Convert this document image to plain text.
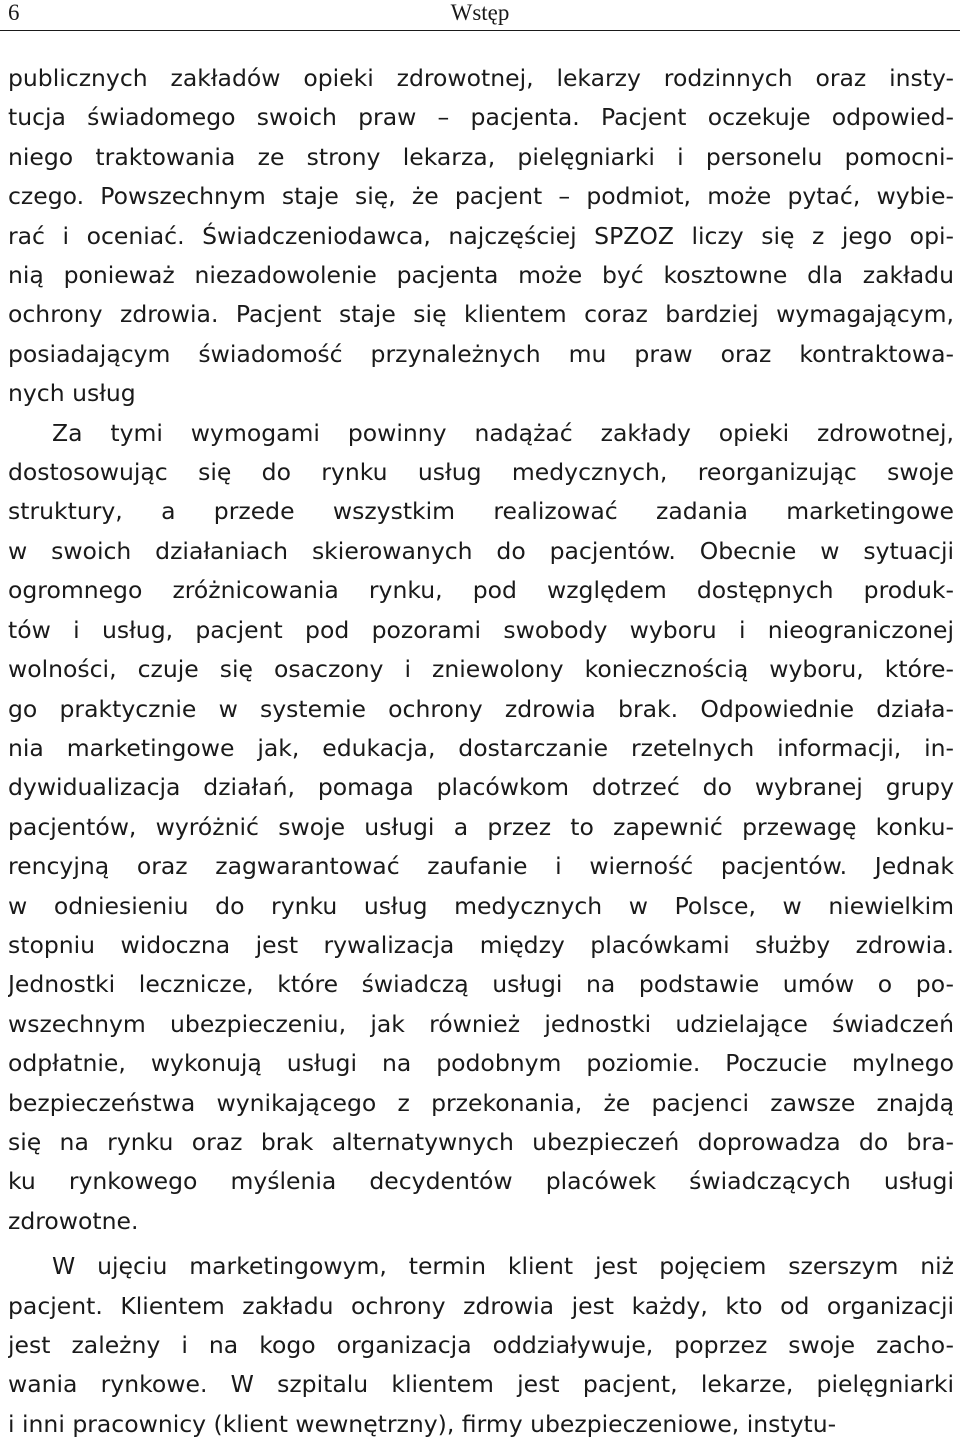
6	Wstęp
publicznych zakładów opieki zdrowotnej, lekarzy rodzinnych oraz insty-
tucja świadomego swoich praw – pacjenta. Pacjent oczekuje odpowied-
niego traktowania ze strony lekarza, pielęgniarki i personelu pomocni-
czego. Powszechnym staje się, że pacjent – podmiot, może pytać, wybie-
rać i oceniać. Świadczeniodawca, najczęściej SPZOZ liczy się z jego opi-
nią ponieważ niezadowolenie pacjenta może być kosztowne dla zakładu
ochrony zdrowia. Pacjent staje się klientem coraz bardziej wymagającym,
posiadającym świadomość przynależnych mu praw oraz kontraktowa-
nych usług
Za tymi wymogami powinny nadążać zakłady opieki zdrowotnej,
dostosowując się do rynku usług medycznych, reorganizując swoje
struktury, a przede wszystkim realizować zadania marketingowe
w swoich działaniach skierowanych do pacjentów. Obecnie w sytuacji
ogromnego zróżnicowania rynku, pod względem dostępnych produk-
tów i usług, pacjent pod pozorami swobody wyboru i nieograniczonej
wolności, czuje się osaczony i zniewolony koniecznością wyboru, które-
go praktycznie w systemie ochrony zdrowia brak. Odpowiednie działa-
nia marketingowe jak, edukacja, dostarczanie rzetelnych informacji, in-
dywidualizacja działań, pomaga placówkom dotrzeć do wybranej grupy
pacjentów, wyróżnić swoje usługi a przez to zapewnić przewagę konku-
rencyjną oraz zagwarantować zaufanie i wierność pacjentów. Jednak
w odniesieniu do rynku usług medycznych w Polsce, w niewielkim
stopniu widoczna jest rywalizacja między placówkami służby zdrowia.
Jednostki lecznicze, które świadczą usługi na podstawie umów o po-
wszechnym ubezpieczeniu, jak również jednostki udzielające świadczeń
odpłatnie, wykonują usługi na podobnym poziomie. Poczucie mylnego
bezpieczeństwa wynikającego z przekonania, że pacjenci zawsze znajdą
się na rynku oraz brak alternatywnych ubezpieczeń doprowadza do bra-
ku rynkowego myślenia decydentów placówek świadczących usługi
zdrowotne.
W ujęciu marketingowym, termin klient jest pojęciem szerszym niż
pacjent. Klientem zakładu ochrony zdrowia jest każdy, kto od organizacji
jest zależny i na kogo organizacja oddziaływuje, poprzez swoje zacho-
wania rynkowe. W szpitalu klientem jest pacjent, lekarze, pielęgniarki
i inni pracownicy (klient wewnętrzny), firmy ubezpieczeniowe, instytu-
